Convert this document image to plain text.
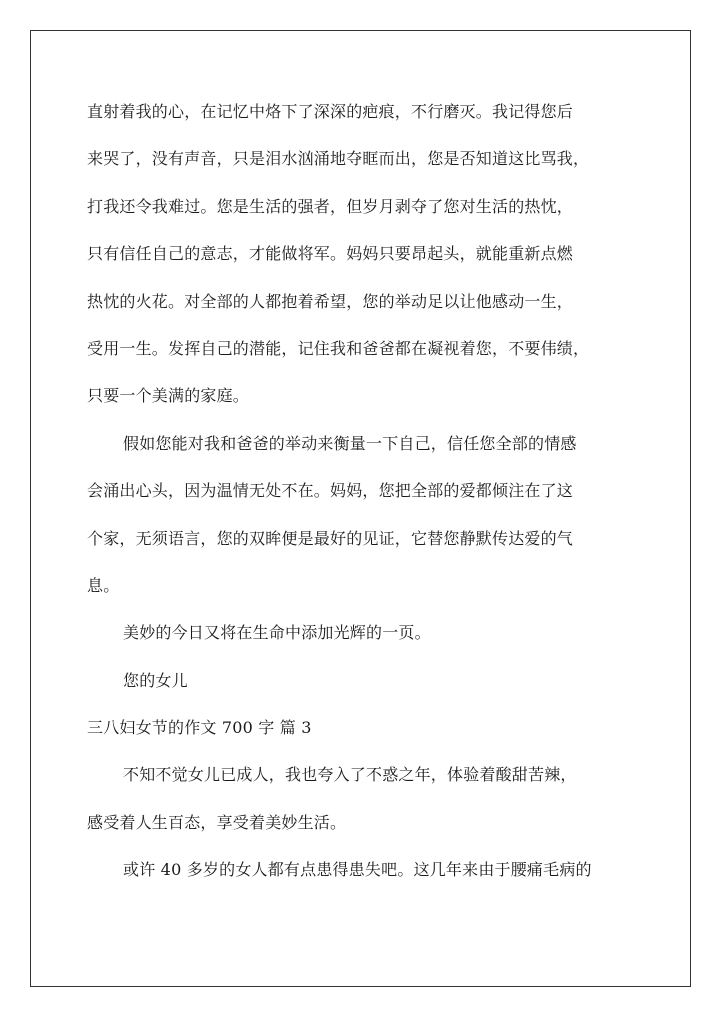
直射着我的心，在记忆中烙下了深深的疤痕，不行磨灭。我记得您后
来哭了，没有声音，只是泪水汹涌地夺眶而出，您是否知道这比骂我，
打我还令我难过。您是生活的强者，但岁月剥夺了您对生活的热忱，
只有信任自己的意志，才能做将军。妈妈只要昂起头，就能重新点燃
热忱的火花。对全部的人都抱着希望，您的举动足以让他感动一生，
受用一生。发挥自己的潜能，记住我和爸爸都在凝视着您，不要伟绩，
只要一个美满的家庭。
假如您能对我和爸爸的举动来衡量一下自己，信任您全部的情感
会涌出心头，因为温情无处不在。妈妈，您把全部的爱都倾注在了这
个家，无须语言，您的双眸便是最好的见证，它替您静默传达爱的气
息。
美妙的今日又将在生命中添加光辉的一页。
您的女儿
三八妇女节的作文 700 字 篇 3
不知不觉女儿已成人，我也夸入了不惑之年，体验着酸甜苦辣，
感受着人生百态，享受着美妙生活。
或许 40 多岁的女人都有点患得患失吧。这几年来由于腰痛毛病的
